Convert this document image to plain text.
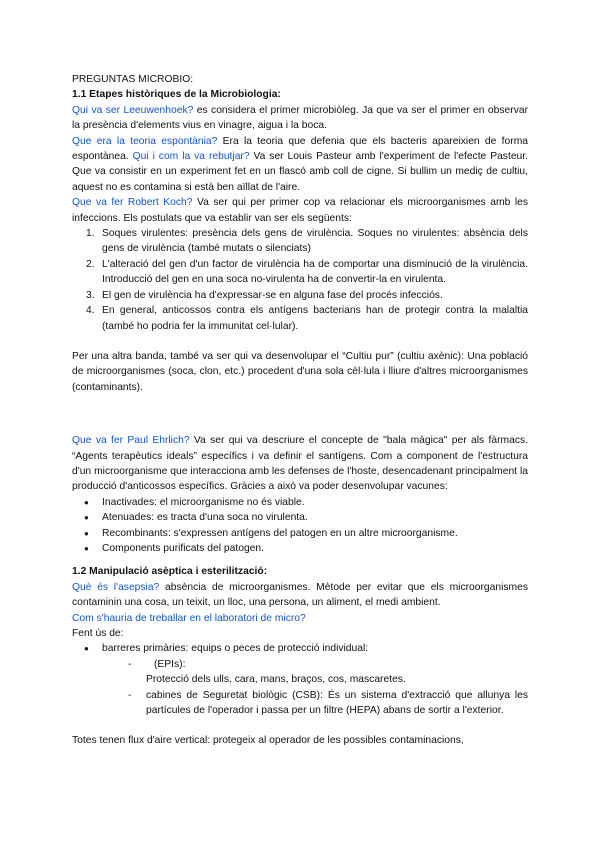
PREGUNTAS MICROBIO:

1.1 Etapes històriques de la Microbiologia:

Qui va ser Leeuwenhoek? es considera el primer microbiòleg. Ja que va ser el primer en observar la presència d'elements vius en vinagre, aigua i la boca.

Que era la teoria espontània? Era la teoria que defenia que els bacteris apareixien de forma espontànea. Qui i com la va rebutjar? Va ser Louis Pasteur amb l'experiment de l'efecte Pasteur. Que va consistir en un experiment fet en un flascó amb coll de cigne. Si bullim un mediç de cultiu, aquest no es contamina si està ben aïllat de l'aire.

Que va fer Robert Koch? Va ser qui per primer cop va relacionar els microorganismes amb les infeccions. Els postulats que va establir van ser els següents:

1. Soques virulentes: presència dels gens de virulència. Soques no virulentes: absència dels gens de virulència (també mutats o silenciats)
2. L'alteració del gen d'un factor de virulència ha de comportar una disminució de la virulència. Introducció del gen en una soca no-virulenta ha de convertir-la en virulenta.
3. El gen de virulència ha d'expressar-se en alguna fase del procés infecciós.
4. En general, anticossos contra els antígens bacterians han de protegir contra la malaltia (també ho podria fer la immunitat cel·lular).

Per una altra banda, també va ser qui va desenvolupar el “Cultiu pur” (cultiu axènic): Una població de microorganismes (soca, clon, etc.) procedent d'una sola cèl·lula i lliure d'altres microorganismes (contaminants).

Que va fer Paul Ehrlich? Va ser qui va descriure el concepte de "bala màgica" per als fàrmacs. “Agents terapèutics ideals” específics i va definir el santígens. Com a component de l'estructura d'un microorganisme que interacciona amb les defenses de l'hoste, desencadenant principalment la producció d'anticossos específics. Gràcies a això va poder desenvolupar vacunes:

● Inactivades: el microorganisme no és viable.
● Atenuades: es tracta d'una soca no virulenta.
● Recombinants: s'expressen antígens del patogen en un altre microorganisme.
● Components purificats del patogen.

1.2 Manipulació asèptica i esterilització:

Què és l'asepsia? absència de microorganismes. Mètode per evitar que els microorganismes contaminin una cosa, un teixit, un lloc, una persona, un aliment, el medi ambient.

Com s'hauria de treballar en el laboratori de micro?

Fent ús de:

● barreres primàries: equips o peces de protecció individual:
- (EPIs):
Protecció dels ulls, cara, mans, braços, cos, mascaretes.
- cabines de Seguretat biològic (CSB): És un sistema d'extracció que allunya les partícules de l'operador i passa per un filtre (HEPA) abans de sortir a l'exterior.

Totes tenen flux d'aire vertical: protegeix al operador de les possibles contaminacions,
